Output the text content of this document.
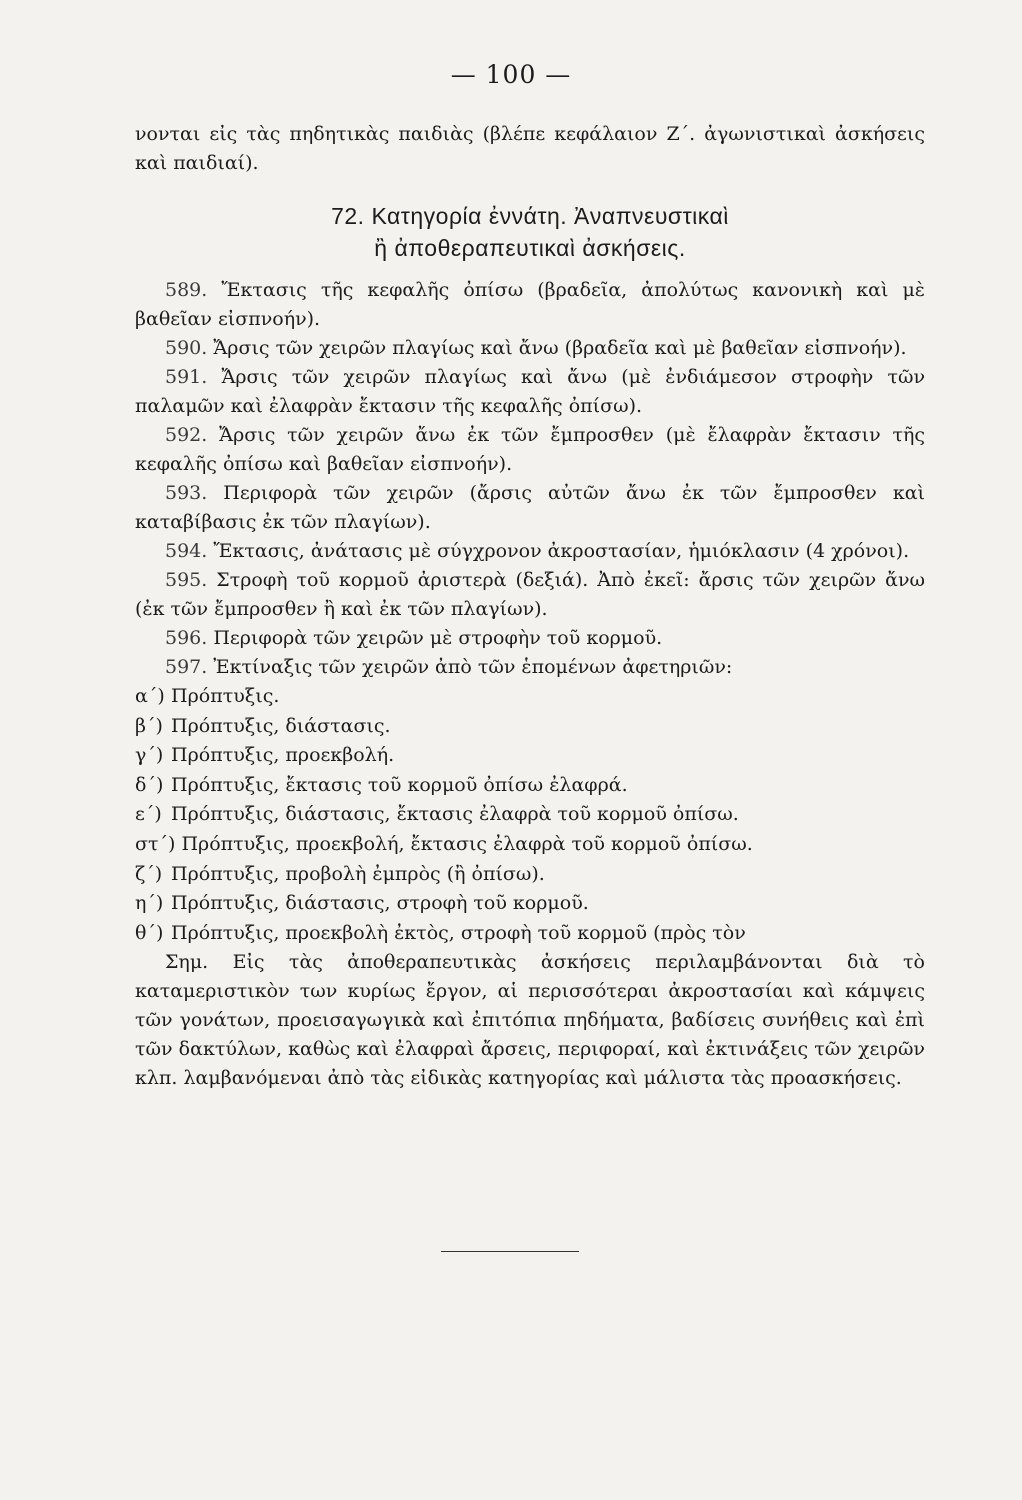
— 100 —

νονται εἰς τὰς πηδητικὰς παιδιὰς (βλέπε κεφάλαιον Ζ΄. ἀγωνιστικαὶ ἀσκήσεις καὶ παιδιαί).

72. Κατηγορία ἐννάτη. Ἀναπνευστικαὶ
ἢ ἀποθεραπευτικαὶ ἀσκήσεις.

589. Ἔκτασις τῆς κεφαλῆς ὀπίσω (βραδεῖα, ἀπολύτως κανονικὴ καὶ μὲ βαθεῖαν εἰσπνοήν).

590. Ἄρσις τῶν χειρῶν πλαγίως καὶ ἄνω (βραδεῖα καὶ μὲ βαθεῖαν εἰσπνοήν).

591. Ἄρσις τῶν χειρῶν πλαγίως καὶ ἄνω (μὲ ἐνδιάμεσον στροφὴν τῶν παλαμῶν καὶ ἐλαφρὰν ἔκτασιν τῆς κεφαλῆς ὀπίσω).

592. Ἄρσις τῶν χειρῶν ἄνω ἐκ τῶν ἔμπροσθεν (μὲ ἔλαφρὰν ἔκτασιν τῆς κεφαλῆς ὀπίσω καὶ βαθεῖαν εἰσπνοήν).

593. Περιφορὰ τῶν χειρῶν (ἄρσις αὐτῶν ἄνω ἐκ τῶν ἔμπροσθεν καὶ καταβίβασις ἐκ τῶν πλαγίων).

594. Ἔκτασις, ἀνάτασις μὲ σύγχρονον ἀκροστασίαν, ἡμιόκλασιν (4 χρόνοι).

595. Στροφὴ τοῦ κορμοῦ ἀριστερὰ (δεξιά). Ἀπὸ ἐκεῖ: ἄρσις τῶν χειρῶν ἄνω (ἐκ τῶν ἔμπροσθεν ἢ καὶ ἐκ τῶν πλαγίων).

596. Περιφορὰ τῶν χειρῶν μὲ στροφὴν τοῦ κορμοῦ.

597. Ἐκτίναξις τῶν χειρῶν ἀπὸ τῶν ἑπομένων ἀφετηριῶν:

α΄) Πρόπτυξις.

β΄) Πρόπτυξις, διάστασις.

γ΄) Πρόπτυξις, προεκβολή.

δ΄) Πρόπτυξις, ἔκτασις τοῦ κορμοῦ ὀπίσω ἐλαφρά.

ε΄) Πρόπτυξις, διάστασις, ἔκτασις ἐλαφρὰ τοῦ κορμοῦ ὀπίσω.

στ΄) Πρόπτυξις, προεκβολή, ἔκτασις ἐλαφρὰ τοῦ κορμοῦ ὀπίσω.

ζ΄) Πρόπτυξις, προβολὴ ἐμπρὸς (ἢ ὀπίσω).

η΄) Πρόπτυξις, διάστασις, στροφὴ τοῦ κορμοῦ.

θ΄) Πρόπτυξις, προεκβολὴ ἐκτὸς, στροφὴ τοῦ κορμοῦ (πρὸς τὸν

Σημ. Εἰς τὰς ἀποθεραπευτικὰς ἀσκήσεις περιλαμβάνονται διὰ τὸ καταμεριστικὸν των κυρίως ἔργον, αἱ περισσότεραι ἀκροστασίαι καὶ κάμψεις τῶν γονάτων, προεισαγωγικὰ καὶ ἐπιτόπια πηδήματα, βαδίσεις συνήθεις καὶ ἐπὶ τῶν δακτύλων, καθὼς καὶ ἐλαφραὶ ἄρσεις, περιφοραί, καὶ ἐκτινάξεις τῶν χειρῶν κλπ. λαμβανόμεναι ἀπὸ τὰς εἰδικὰς κατηγορίας καὶ μάλιστα τὰς προασκήσεις.
